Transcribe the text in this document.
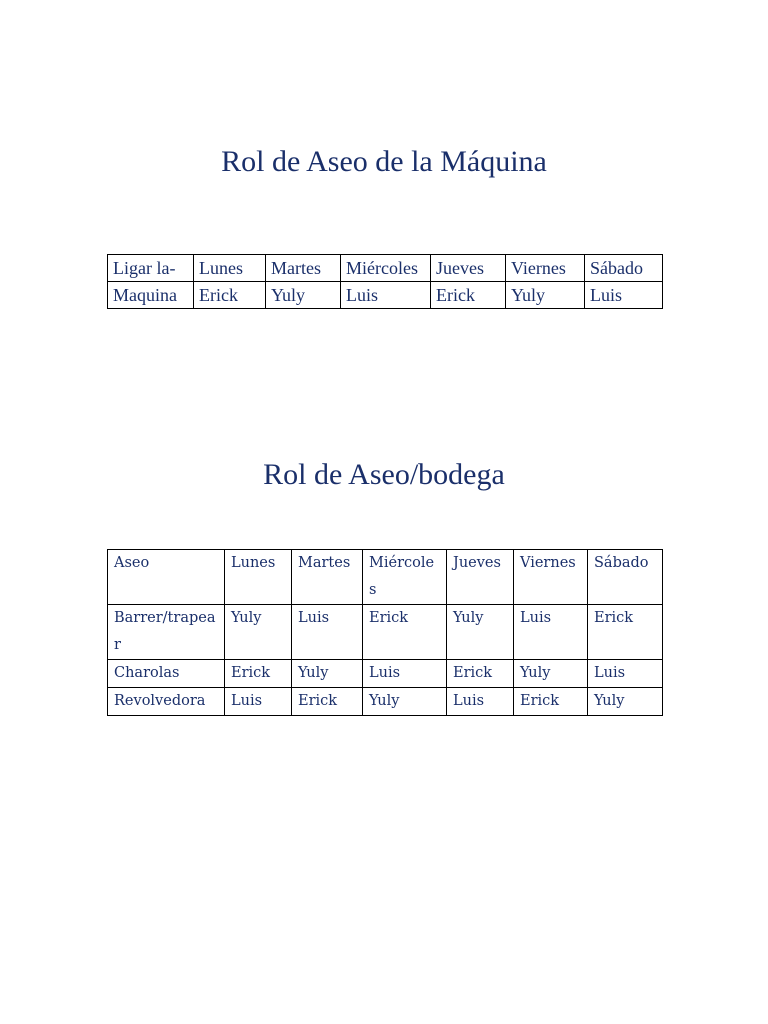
Rol de Aseo de la Máquina
Ligar la-	Lunes	Martes	Miércoles	Jueves	Viernes	Sábado
Maquina	Erick	Yuly	Luis	Erick	Yuly	Luis
Rol de Aseo/bodega
Aseo	Lunes	Martes	Miércoles	Jueves	Viernes	Sábado
Barrer/trapear	Yuly	Luis	Erick	Yuly	Luis	Erick
Charolas	Erick	Yuly	Luis	Erick	Yuly	Luis
Revolvedora	Luis	Erick	Yuly	Luis	Erick	Yuly
